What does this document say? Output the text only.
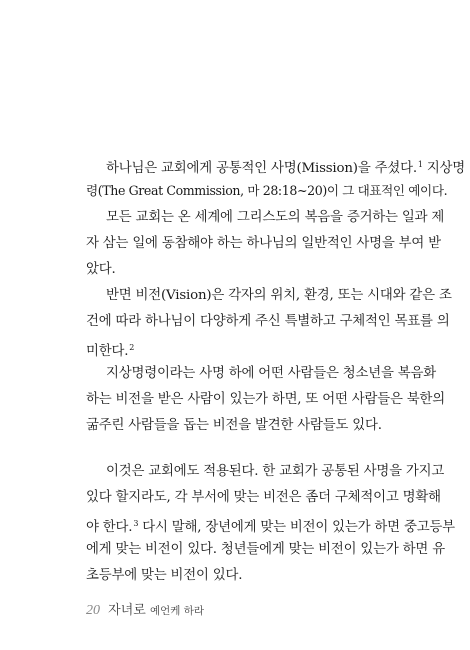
하나님은 교회에게 공통적인 사명(Mission)을 주셨다.$^1$ 지상명
령(The Great Commission, 마 28:18~20)이 그 대표적인 예이다.
모든 교회는 온 세계에 그리스도의 복음을 증거하는 일과 제
자 삼는 일에 동참해야 하는 하나님의 일반적인 사명을 부여 받
았다.
반면 비전(Vision)은 각자의 위치, 환경, 또는 시대와 같은 조
건에 따라 하나님이 다양하게 주신 특별하고 구체적인 목표를 의
미한다.$^2$
지상명령이라는 사명 하에 어떤 사람들은 청소년을 복음화
하는 비전을 받은 사람이 있는가 하면, 또 어떤 사람들은 북한의
굶주린 사람들을 돕는 비전을 발견한 사람들도 있다.
이것은 교회에도 적용된다. 한 교회가 공통된 사명을 가지고
있다 할지라도, 각 부서에 맞는 비전은 좀더 구체적이고 명확해
야 한다.$^3$ 다시 말해, 장년에게 맞는 비전이 있는가 하면 중고등부
에게 맞는 비전이 있다. 청년들에게 맞는 비전이 있는가 하면 유
초등부에 맞는 비전이 있다.
20 자녀로 예언케 하라
